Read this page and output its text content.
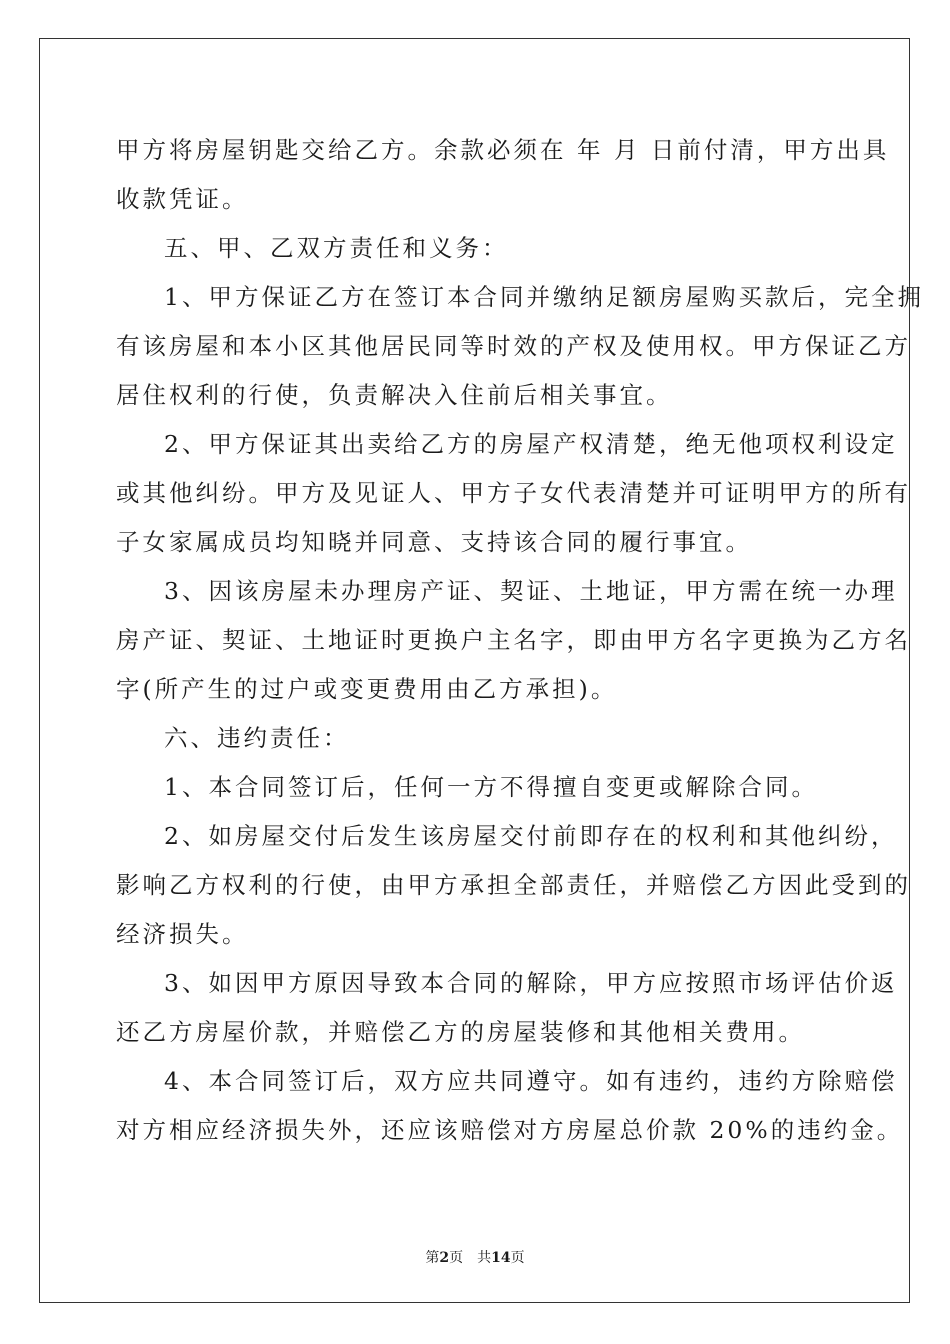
甲方将房屋钥匙交给乙方。余款必须在 年 月 日前付清，甲方出具
收款凭证。
五、甲、乙双方责任和义务：
1、甲方保证乙方在签订本合同并缴纳足额房屋购买款后，完全拥
有该房屋和本小区其他居民同等时效的产权及使用权。甲方保证乙方
居住权利的行使，负责解决入住前后相关事宜。
2、甲方保证其出卖给乙方的房屋产权清楚，绝无他项权利设定
或其他纠纷。甲方及见证人、甲方子女代表清楚并可证明甲方的所有
子女家属成员均知晓并同意、支持该合同的履行事宜。
3、因该房屋未办理房产证、契证、土地证，甲方需在统一办理
房产证、契证、土地证时更换户主名字，即由甲方名字更换为乙方名
字(所产生的过户或变更费用由乙方承担)。
六、违约责任：
1、本合同签订后，任何一方不得擅自变更或解除合同。
2、如房屋交付后发生该房屋交付前即存在的权利和其他纠纷，
影响乙方权利的行使，由甲方承担全部责任，并赔偿乙方因此受到的
经济损失。
3、如因甲方原因导致本合同的解除，甲方应按照市场评估价返
还乙方房屋价款，并赔偿乙方的房屋装修和其他相关费用。
4、本合同签订后，双方应共同遵守。如有违约，违约方除赔偿
对方相应经济损失外，还应该赔偿对方房屋总价款 20%的违约金。
第2页 共14页
